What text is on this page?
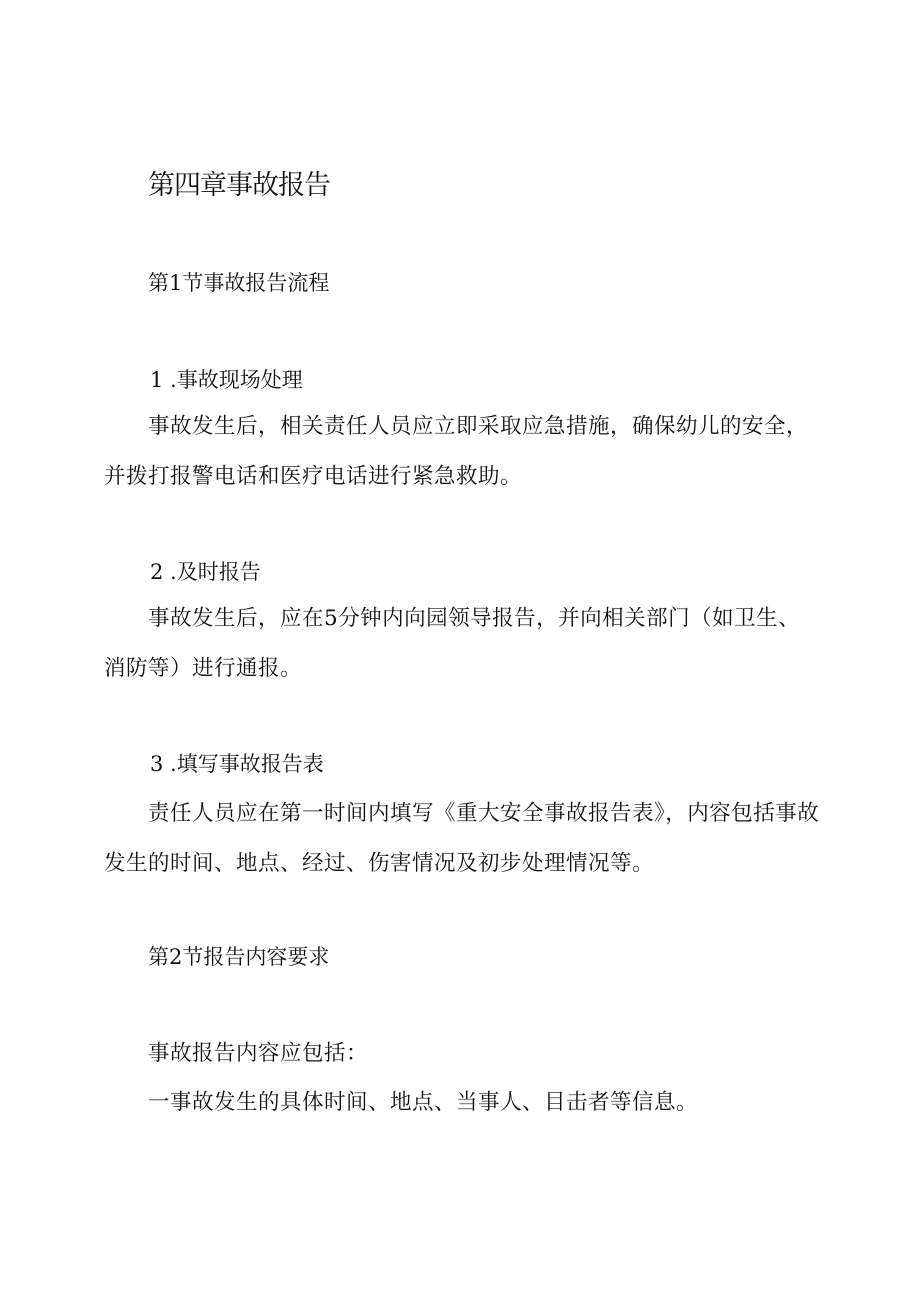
第四章事故报告
第1节事故报告流程
1 .事故现场处理
事故发生后，相关责任人员应立即采取应急措施，确保幼儿的安全，并拨打报警电话和医疗电话进行紧急救助。
2 .及时报告
事故发生后，应在5分钟内向园领导报告，并向相关部门（如卫生、消防等）进行通报。
3 .填写事故报告表
责任人员应在第一时间内填写《重大安全事故报告表》，内容包括事故发生的时间、地点、经过、伤害情况及初步处理情况等。
第2节报告内容要求
事故报告内容应包括：
一事故发生的具体时间、地点、当事人、目击者等信息。
